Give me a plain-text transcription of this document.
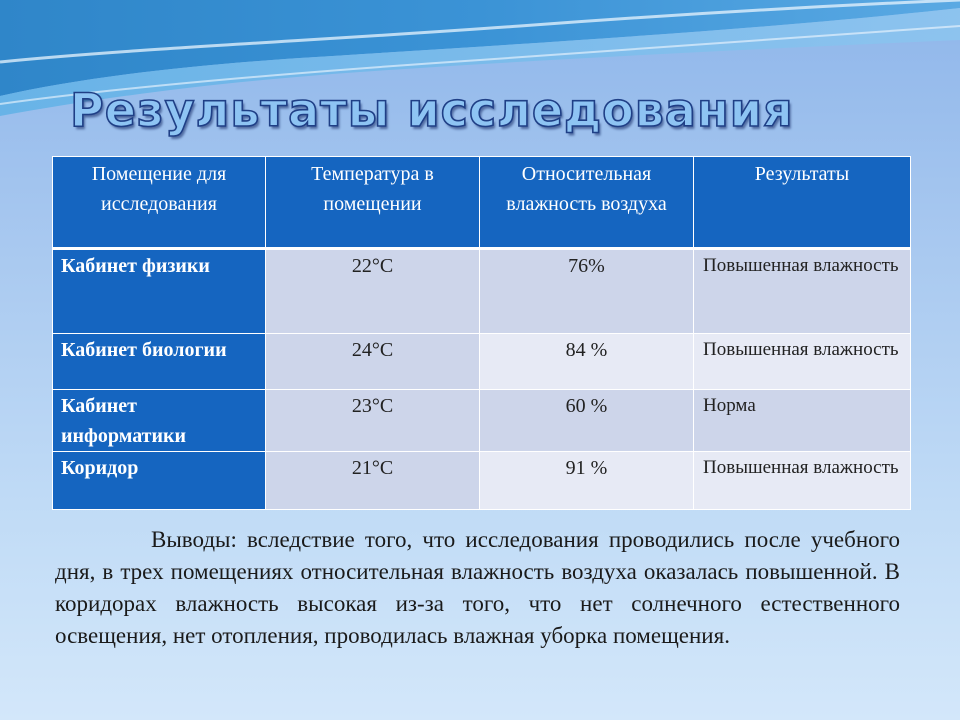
Результаты исследования
Помещение для исследования	Температура в помещении	Относительная влажность воздуха	Результаты
Кабинет физики	22°C	76%	Повышенная влажность
Кабинет биологии	24°C	84 %	Повышенная влажность
Кабинет информатики	23°C	60 %	Норма
Коридор	21°C	91 %	Повышенная влажность

Выводы: вследствие того, что исследования проводились после учебного дня, в трех помещениях относительная влажность воздуха оказалась повышенной. В коридорах влажность высокая из-за того, что нет солнечного естественного освещения, нет отопления, проводилась влажная уборка помещения.
